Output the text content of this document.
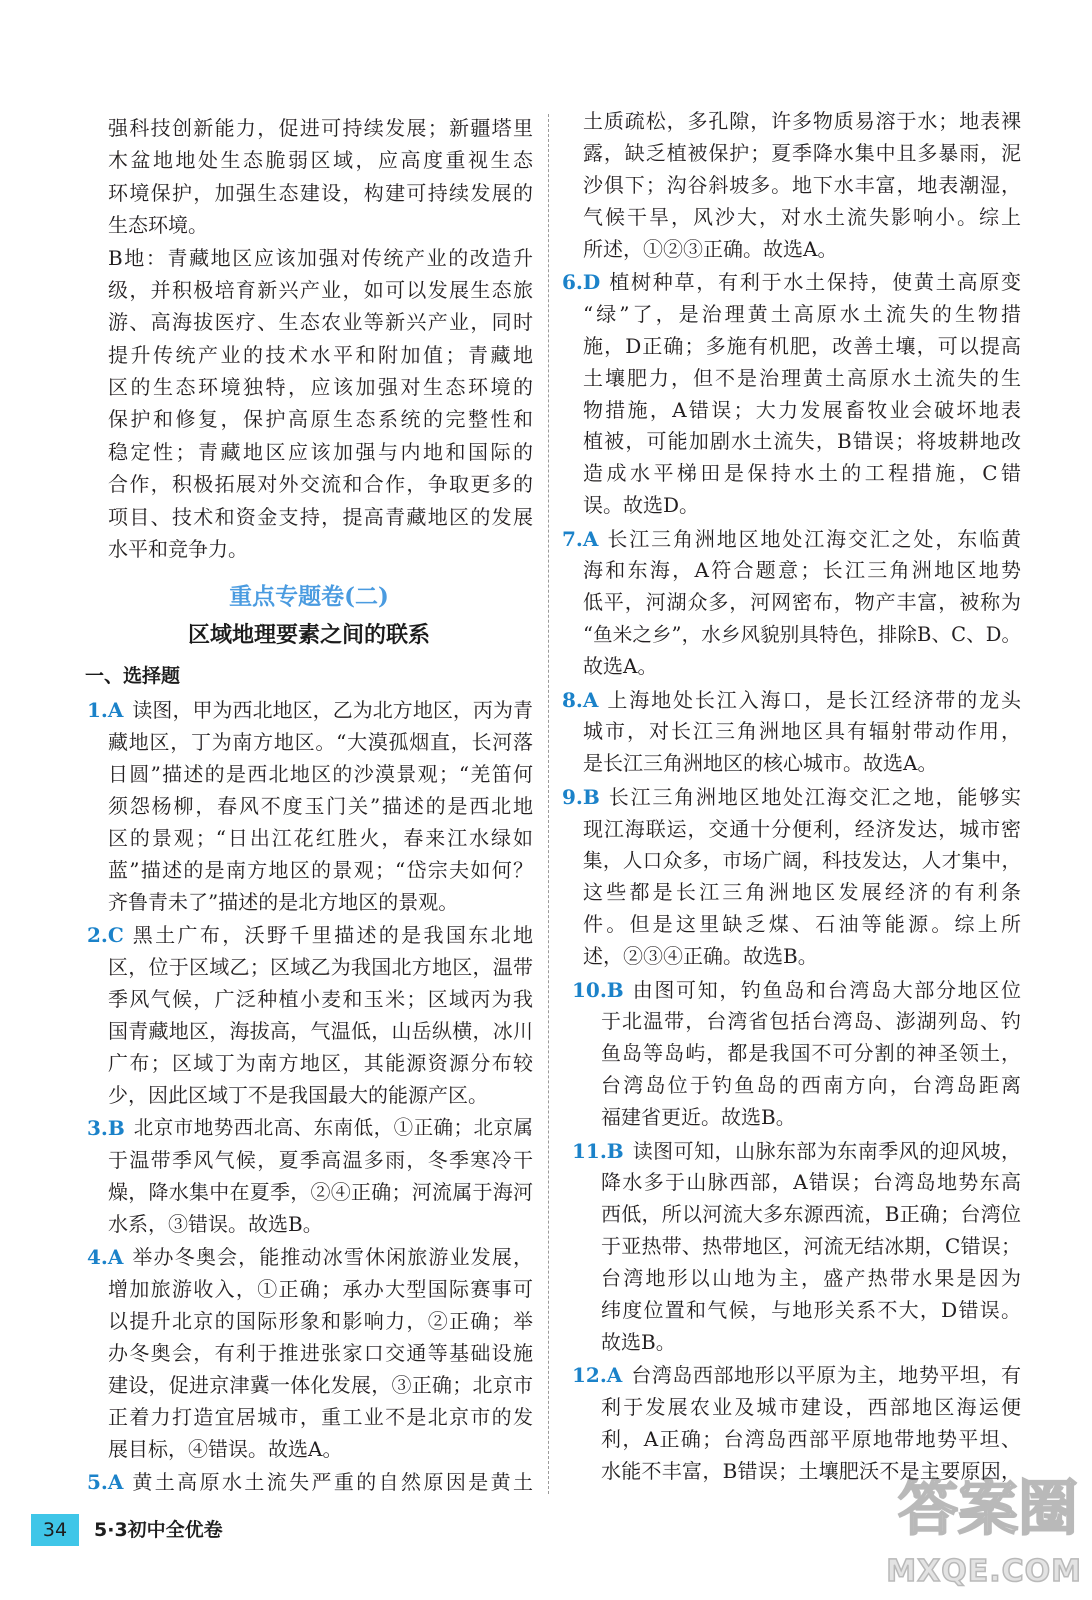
强科技创新能力，促进可持续发展；新疆塔里
木盆地地处生态脆弱区域，应高度重视生态
环境保护，加强生态建设，构建可持续发展的
生态环境。
B地：青藏地区应该加强对传统产业的改造升
级，并积极培育新兴产业，如可以发展生态旅
游、高海拔医疗、生态农业等新兴产业，同时
提升传统产业的技术水平和附加值；青藏地
区的生态环境独特，应该加强对生态环境的
保护和修复，保护高原生态系统的完整性和
稳定性；青藏地区应该加强与内地和国际的
合作，积极拓展对外交流和合作，争取更多的
项目、技术和资金支持，提高青藏地区的发展
水平和竞争力。
重点专题卷(二)
区域地理要素之间的联系
一、选择题
1.A 读图，甲为西北地区，乙为北方地区，丙为青
藏地区，丁为南方地区。“大漠孤烟直，长河落
日圆”描述的是西北地区的沙漠景观；“羌笛何
须怨杨柳，春风不度玉门关”描述的是西北地
区的景观；“日出江花红胜火，春来江水绿如
蓝”描述的是南方地区的景观；“岱宗夫如何？
齐鲁青未了”描述的是北方地区的景观。
2.C 黑土广布，沃野千里描述的是我国东北地
区，位于区域乙；区域乙为我国北方地区，温带
季风气候，广泛种植小麦和玉米；区域丙为我
国青藏地区，海拔高，气温低，山岳纵横，冰川
广布；区域丁为南方地区，其能源资源分布较
少，因此区域丁不是我国最大的能源产区。
3.B 北京市地势西北高、东南低，①正确；北京属
于温带季风气候，夏季高温多雨，冬季寒冷干
燥，降水集中在夏季，②④正确；河流属于海河
水系，③错误。故选B。
4.A 举办冬奥会，能推动冰雪休闲旅游业发展，
增加旅游收入，①正确；承办大型国际赛事可
以提升北京的国际形象和影响力，②正确；举
办冬奥会，有利于推进张家口交通等基础设施
建设，促进京津冀一体化发展，③正确；北京市
正着力打造宜居城市，重工业不是北京市的发
展目标，④错误。故选A。
5.A 黄土高原水土流失严重的自然原因是黄土
土质疏松，多孔隙，许多物质易溶于水；地表裸
露，缺乏植被保护；夏季降水集中且多暴雨，泥
沙俱下；沟谷斜坡多。地下水丰富，地表潮湿，
气候干旱，风沙大，对水土流失影响小。综上
所述，①②③正确。故选A。
6.D 植树种草，有利于水土保持，使黄土高原变
“绿”了，是治理黄土高原水土流失的生物措
施，D正确；多施有机肥，改善土壤，可以提高
土壤肥力，但不是治理黄土高原水土流失的生
物措施，A错误；大力发展畜牧业会破坏地表
植被，可能加剧水土流失，B错误；将坡耕地改
造成水平梯田是保持水土的工程措施，C错
误。故选D。
7.A 长江三角洲地区地处江海交汇之处，东临黄
海和东海，A符合题意；长江三角洲地区地势
低平，河湖众多，河网密布，物产丰富，被称为
“鱼米之乡”，水乡风貌别具特色，排除B、C、D。
故选A。
8.A 上海地处长江入海口，是长江经济带的龙头
城市，对长江三角洲地区具有辐射带动作用，
是长江三角洲地区的核心城市。故选A。
9.B 长江三角洲地区地处江海交汇之地，能够实
现江海联运，交通十分便利，经济发达，城市密
集，人口众多，市场广阔，科技发达，人才集中，
这些都是长江三角洲地区发展经济的有利条
件。但是这里缺乏煤、石油等能源。综上所
述，②③④正确。故选B。
10.B 由图可知，钓鱼岛和台湾岛大部分地区位
于北温带，台湾省包括台湾岛、澎湖列岛、钓
鱼岛等岛屿，都是我国不可分割的神圣领土，
台湾岛位于钓鱼岛的西南方向，台湾岛距离
福建省更近。故选B。
11.B 读图可知，山脉东部为东南季风的迎风坡，
降水多于山脉西部，A错误；台湾岛地势东高
西低，所以河流大多东源西流，B正确；台湾位
于亚热带、热带地区，河流无结冰期，C错误；
台湾地形以山地为主，盛产热带水果是因为
纬度位置和气候，与地形关系不大，D错误。
故选B。
12.A 台湾岛西部地形以平原为主，地势平坦，有
利于发展农业及城市建设，西部地区海运便
利，A正确；台湾岛西部平原地带地势平坦、
水能不丰富，B错误；土壤肥沃不是主要原因，
34	5·3初中全优卷	答案圈
MXQE.COM
